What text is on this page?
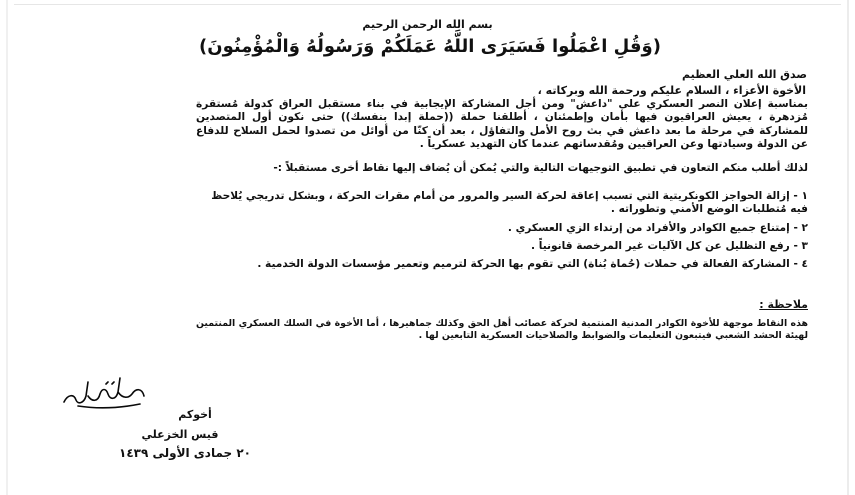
بسم الله الرحمن الرحيم
(وَقُلِ اعْمَلُوا فَسَيَرَى اللَّهُ عَمَلَكُمْ وَرَسُولُهُ وَالْمُؤْمِنُونَ)
صدق الله العلي العظيم
الأخوة الأعزاء ، السلام عليكم ورحمة الله وبركاته ،
بمناسبة إعلان النصر العسكري على "داعش" ومن أجل المشاركة الإيجابية في بناء مستقبل العراق كدولة مُستقرة مُزدهرة ، يعيش العراقيون فيها بأمان وإطمئنان ، أطلقنا حملة ((حملة إبدا بنفسك)) حتى نكون أول المتصدين للمشاركة في مرحلة ما بعد داعش في بث روح الأمل والتفاؤل ، بعد أن كنّا من أوائل من تصدوا لحمل السلاح للدفاع عن الدولة وسيادتها وعن العراقيين ومُقدساتهم عندما كان التهديد عسكرياً .
لذلك أطلب منكم التعاون في تطبيق التوجيهات التالية والتي يُمكن أن يُضاف إليها نقاط أخرى مستقبلاً :-
١ - إزالة الحواجز الكونكريتية التي تسبب إعاقة لحركة السير والمرور من أمام مقرات الحركة ، وبشكل تدريجي يُلاحظ فيه مُتطلبات الوضع الأمني وتطوراته .
٢ - إمتناع جميع الكوادر والأفراد من إرتداء الزي العسكري .
٣ - رفع التظليل عن كل الآليات غير المرخصة قانونياً .
٤ - المشاركة الفعالة في حملات (حُماة بُناة) التي تقوم بها الحركة لترميم وتعمير مؤسسات الدولة الخدمية .
ملاحظة :
هذه النقاط موجهة للأخوة الكوادر المدنية المنتمية لحركة عصائب أهل الحق وكذلك جماهيرها ، أما الأخوة في السلك العسكري المنتمين لهيئة الحشد الشعبي فيتبعون التعليمات والضوابط والصلاحيات العسكرية التابعين لها .
أخوكم
قيس الخزعلي
٢٠ جمادى الأولى ١٤٣٩
